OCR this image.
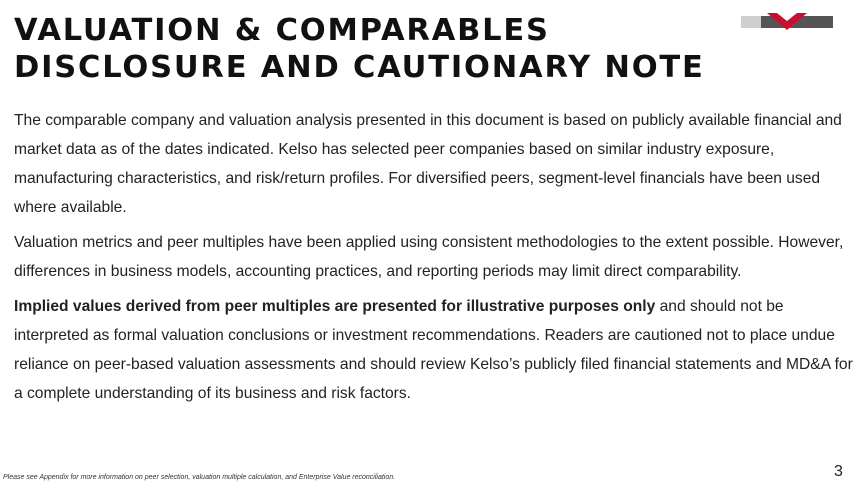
VALUATION & COMPARABLES
DISCLOSURE AND CAUTIONARY NOTE

The comparable company and valuation analysis presented in this document is based on publicly available financial and market data as of the dates indicated. Kelso has selected peer companies based on similar industry exposure, manufacturing characteristics, and risk/return profiles. For diversified peers, segment-level financials have been used where available.

Valuation metrics and peer multiples have been applied using consistent methodologies to the extent possible. However, differences in business models, accounting practices, and reporting periods may limit direct comparability.

Implied values derived from peer multiples are presented for illustrative purposes only and should not be interpreted as formal valuation conclusions or investment recommendations. Readers are cautioned not to place undue reliance on peer-based valuation assessments and should review Kelso’s publicly filed financial statements and MD&A for a complete understanding of its business and risk factors.

Please see Appendix for more information on peer selection, valuation multiple calculation, and Enterprise Value reconciliation.	3
